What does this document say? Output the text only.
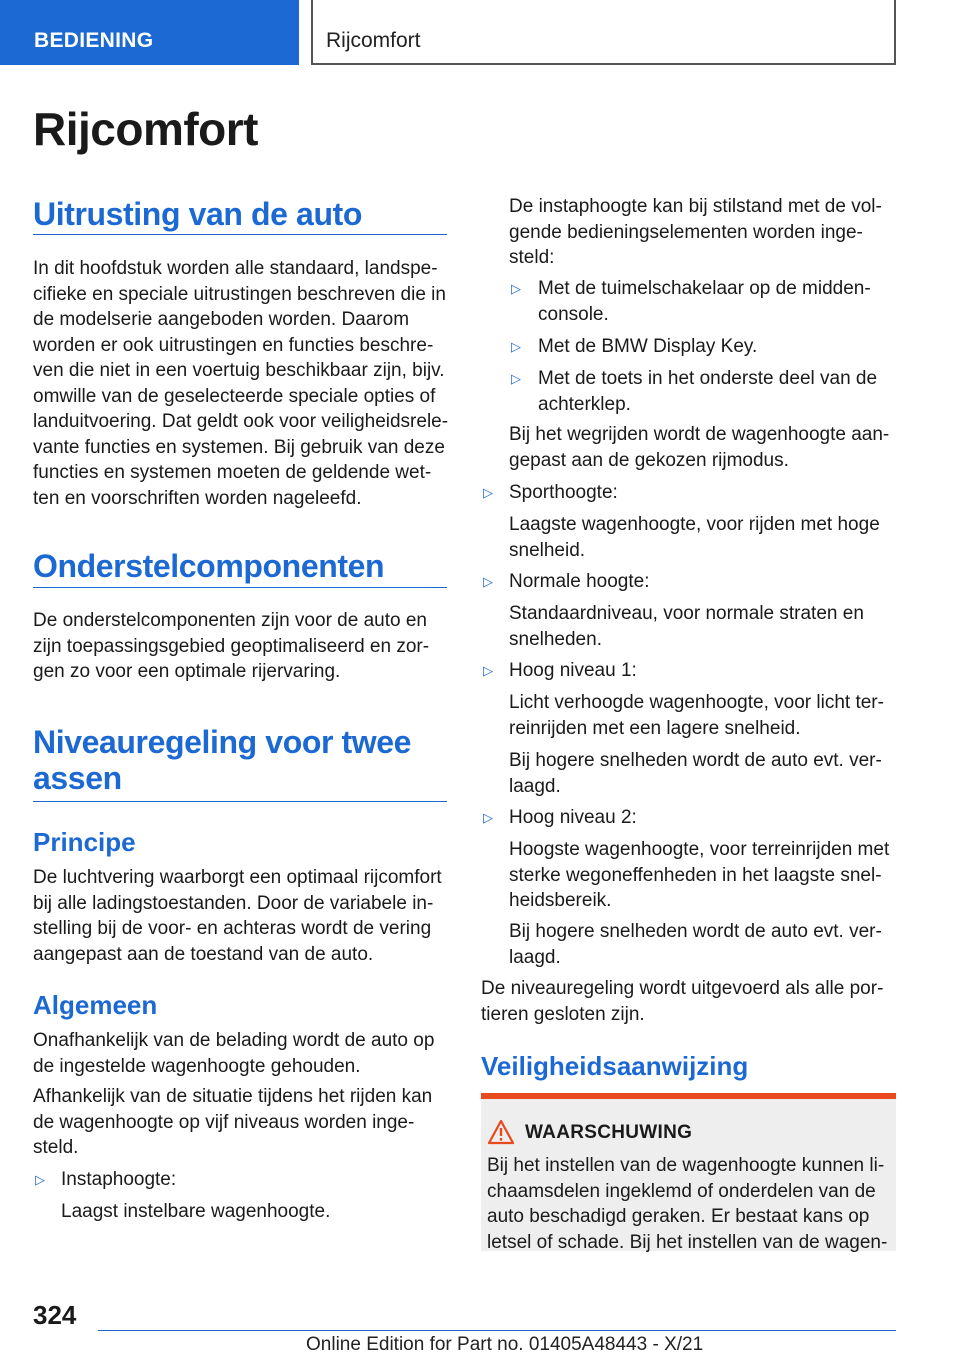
BEDIENING	Rijcomfort
Rijcomfort
Uitrusting van de auto
In dit hoofdstuk worden alle standaard, landspe‐
cifieke en speciale uitrustingen beschreven die in
de modelserie aangeboden worden. Daarom
worden er ook uitrustingen en functies beschre‐
ven die niet in een voertuig beschikbaar zijn, bijv.
omwille van de geselecteerde speciale opties of
landuitvoering. Dat geldt ook voor veiligheidsrele‐
vante functies en systemen. Bij gebruik van deze
functies en systemen moeten de geldende wet‐
ten en voorschriften worden nageleefd.
Onderstelcomponenten
De onderstelcomponenten zijn voor de auto en
zijn toepassingsgebied geoptimaliseerd en zor‐
gen zo voor een optimale rijervaring.
Niveauregeling voor twee
assen
Principe
De luchtvering waarborgt een optimaal rijcomfort
bij alle ladingstoestanden. Door de variabele in‐
stelling bij de voor- en achteras wordt de vering
aangepast aan de toestand van de auto.
Algemeen
Onafhankelijk van de belading wordt de auto op
de ingestelde wagenhoogte gehouden.
Afhankelijk van de situatie tijdens het rijden kan
de wagenhoogte op vijf niveaus worden inge‐
steld.
▷ Instaphoogte:
Laagst instelbare wagenhoogte.
De instaphoogte kan bij stilstand met de vol‐
gende bedieningselementen worden inge‐
steld:
▷ Met de tuimelschakelaar op de midden‐
console.
▷ Met de BMW Display Key.
▷ Met de toets in het onderste deel van de
achterklep.
Bij het wegrijden wordt de wagenhoogte aan‐
gepast aan de gekozen rijmodus.
▷ Sporthoogte:
Laagste wagenhoogte, voor rijden met hoge
snelheid.
▷ Normale hoogte:
Standaardniveau, voor normale straten en
snelheden.
▷ Hoog niveau 1:
Licht verhoogde wagenhoogte, voor licht ter‐
reinrijden met een lagere snelheid.
Bij hogere snelheden wordt de auto evt. ver‐
laagd.
▷ Hoog niveau 2:
Hoogste wagenhoogte, voor terreinrijden met
sterke wegoneffenheden in het laagste snel‐
heidsbereik.
Bij hogere snelheden wordt de auto evt. ver‐
laagd.
De niveauregeling wordt uitgevoerd als alle por‐
tieren gesloten zijn.
Veiligheidsaanwijzing
WAARSCHUWING
Bij het instellen van de wagenhoogte kunnen li‐
chaamsdelen ingeklemd of onderdelen van de
auto beschadigd geraken. Er bestaat kans op
letsel of schade. Bij het instellen van de wagen‐
324
Online Edition for Part no. 01405A48443 - X/21
